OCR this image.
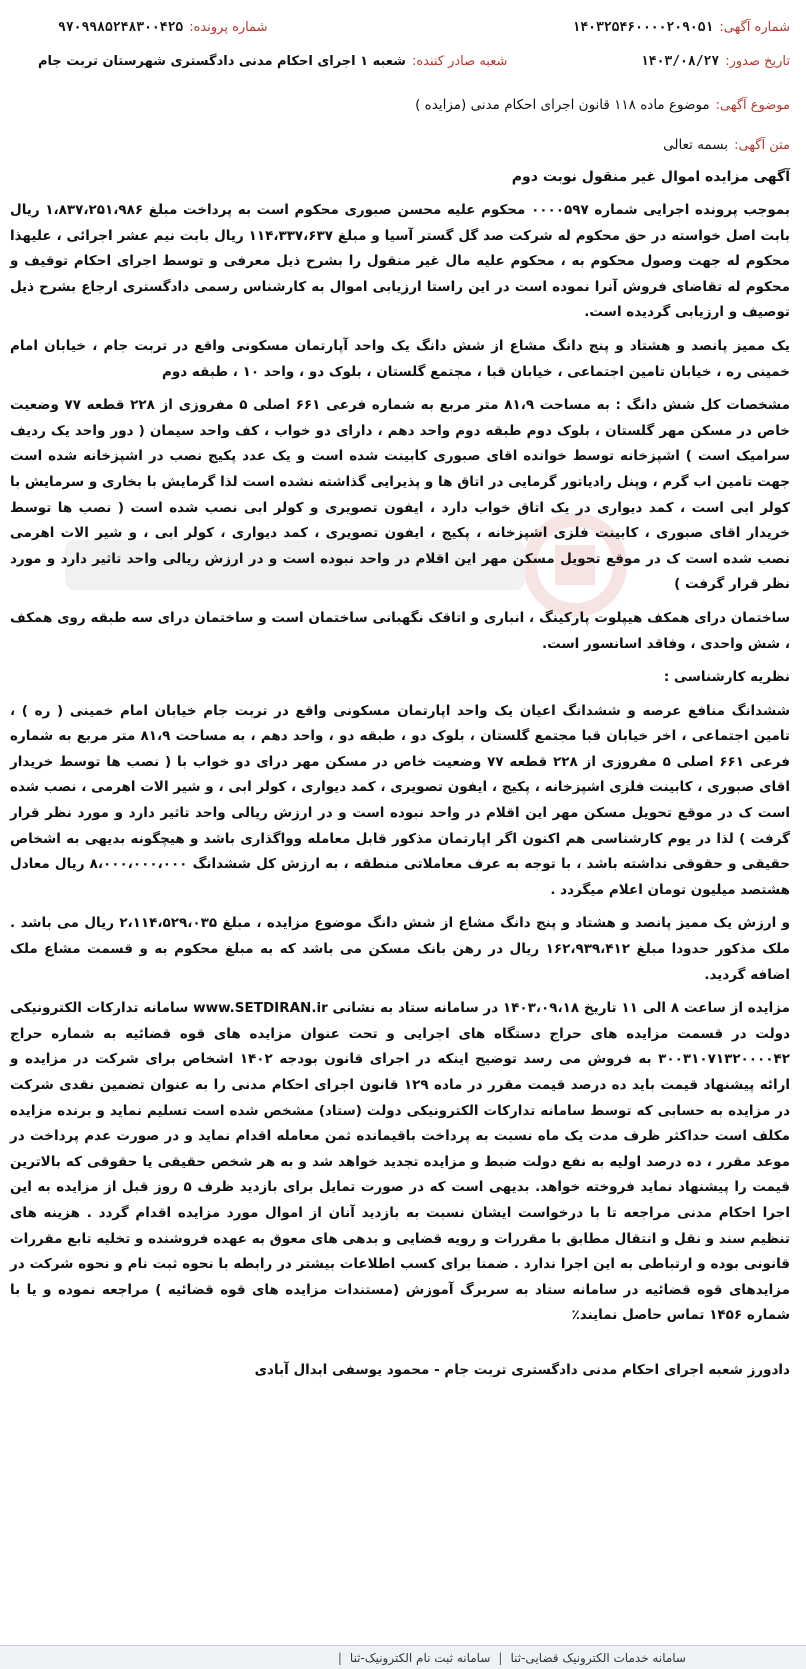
شماره آگهی:
۱۴۰۳۲۵۴۶۰۰۰۰۲۰۹۰۵۱
شماره پرونده:
۹۷۰۹۹۸۵۲۴۸۳۰۰۴۲۵
تاریخ صدور:
۱۴۰۳/۰۸/۲۷
شعبه صادر کننده:
شعبه ۱ اجرای احکام مدنی دادگستری شهرستان تربت جام
موضوع آگهی:
موضوع ماده ۱۱۸ قانون اجرای احکام مدنی (مزایده )
متن آگهی:
بسمه تعالی

آگهی مزایده اموال غیر منقول نوبت دوم

بموجب پرونده اجرایی شماره ۰۰۰۰۵۹۷ محکوم علیه محسن صبوری محکوم است به پرداخت مبلغ ۱،۸۳۷،۲۵۱،۹۸۶ ریال بابت اصل خواسته در حق محکوم له شرکت صد گل گستر آسیا و مبلغ ۱۱۴،۳۳۷،۶۳۷ ریال بابت نیم عشر اجرائی ، علیهذا محکوم له جهت وصول محکوم به ، محکوم علیه مال غیر منقول را بشرح ذیل معرفی و توسط اجرای احکام توقیف و محکوم له تقاضای فروش آنرا نموده است در این راستا ارزیابی اموال به کارشناس رسمی دادگستری ارجاع بشرح ذیل توصیف و ارزیابی گردیده است.

یک ممیز پانصد و هشتاد و پنج دانگ مشاع از شش دانگ یک واحد آپارتمان مسکونی واقع در تربت جام ، خیابان امام خمینی ره ، خیابان تامین اجتماعی ، خیابان قبا ، مجتمع گلستان ، بلوک دو ، واحد ۱۰ ، طبقه دوم

مشخصات کل شش دانگ : به مساحت ۸۱،۹ متر مربع به شماره فرعی ۶۶۱ اصلی ۵ مفروزی از ۲۲۸ قطعه ۷۷ وضعیت خاص در مسکن مهر گلستان ، بلوک دوم طبقه دوم واحد دهم ، دارای دو خواب ، کف واحد سیمان ( دور واحد یک ردیف سرامیک است ) اشپزخانه توسط خوانده اقای صبوری کابینت شده است و یک عدد پکیج نصب در اشپزخانه شده است جهت تامین اب گرم ، وپنل رادیاتور گرمایی در اتاق ها و پذیرایی گذاشته نشده است لذا گرمایش با بخاری و سرمایش با کولر ابی است ، کمد دیواری در یک اتاق خواب دارد ، ایفون تصویری و کولر ابی نصب شده است ( نصب ها توسط خریدار اقای صبوری ، کابینت فلزی اشپزخانه ، پکیج ، ایفون تصویری ، کمد دیواری ، کولر ابی ، و شیر الات اهرمی نصب شده است ک در موقع تحویل مسکن مهر این اقلام در واحد نبوده است و در ارزش ریالی واحد تاثیر دارد و مورد نظر قرار گرفت )

ساختمان درای همکف هیپلوت پارکینگ ، انباری و اتاقک نگهبانی ساختمان است و ساختمان درای سه طبقه روی همکف ، شش واحدی ، وفاقد اسانسور است.

نظریه کارشناسی :

ششدانگ منافع عرصه و ششدانگ اعیان یک واحد اپارتمان مسکونی واقع در تربت جام خیابان امام خمینی ( ره ) ، تامین اجتماعی ، اخر خیابان قبا مجتمع گلستان ، بلوک دو ، طبقه دو ، واحد دهم ، به مساحت ۸۱،۹ متر مربع به شماره فرعی ۶۶۱ اصلی ۵ مفروزی از ۲۲۸ قطعه ۷۷ وضعیت خاص در مسکن مهر درای دو خواب با ( نصب ها توسط خریدار اقای صبوری ، کابینت فلزی اشپزخانه ، پکیج ، ایفون تصویری ، کمد دیواری ، کولر ابی ، و شیر الات اهرمی ، نصب شده است ک در موقع تحویل مسکن مهر این اقلام در واحد نبوده است و در ارزش ریالی واحد تاثیر دارد و مورد نظر قرار گرفت ) لذا در یوم کارشناسی هم اکنون اگر اپارتمان مذکور قابل معامله وواگذاری باشد و هیچگونه بدیهی به اشخاص حقیقی و حقوقی نداشته باشد ، با توجه به عرف معاملاتی منطقه ، به ارزش کل ششدانگ ۸،۰۰۰،۰۰۰،۰۰۰ ریال معادل هشتصد میلیون تومان اعلام میگردد .

و ارزش یک ممیز پانصد و هشتاد و پنج دانگ مشاع از شش دانگ موضوع مزایده ، مبلغ ۲،۱۱۴،۵۲۹،۰۳۵ ریال می باشد . ملک مذکور حدودا مبلغ ۱۶۲،۹۳۹،۴۱۲ ریال در رهن بانک مسکن می باشد که به مبلغ محکوم به و قسمت مشاع ملک اضافه گردید.

مزایده از ساعت ۸ الی ۱۱ تاریخ ۱۴۰۳،۰۹،۱۸ در سامانه ستاد به نشانی www.SETDIRAN.ir سامانه تدارکات الکترونیکی دولت در قسمت مزایده های حراج دستگاه های اجرایی و تحت عنوان مزایده های قوه قضائیه به شماره حراج ۳۰۰۳۱۰۷۱۳۲۰۰۰۰۴۲ به فروش می رسد توضیح اینکه در اجرای قانون بودجه ۱۴۰۲ اشخاص برای شرکت در مزایده و ارائه پیشنهاد قیمت باید ده درصد قیمت مقرر در ماده ۱۲۹ قانون اجرای احکام مدنی را به عنوان تضمین نقدی شرکت در مزایده به حسابی که توسط سامانه تدارکات الکترونیکی دولت (ستاد) مشخص شده است تسلیم نماید و برنده مزایده مکلف است حداکثر ظرف مدت یک ماه نسبت به پرداخت باقیمانده ثمن معامله اقدام نماید و در صورت عدم پرداخت در موعد مقرر ، ده درصد اولیه به نفع دولت ضبط و مزایده تجدید خواهد شد و به هر شخص حقیقی یا حقوقی که بالاترین قیمت را پیشنهاد نماید فروخته خواهد. بدیهی است که در صورت تمایل برای بازدید ظرف ۵ روز قبل از مزایده به این اجرا احکام مدنی مراجعه تا با درخواست ایشان نسبت به بازدید آنان از اموال مورد مزایده اقدام گردد . هزینه های تنظیم سند و نقل و انتقال مطابق با مقررات و رویه قضایی و بدهی های معوق به عهده فروشنده و تخلیه تابع مقررات قانونی بوده و ارتباطی به این اجرا ندارد . ضمنا برای کسب اطلاعات بیشتر در رابطه با نحوه ثبت نام و نحوه شرکت در مزایدهای قوه قضائیه در سامانه ستاد به سربرگ آموزش (مستندات مزایده های قوه قضائیه ) مراجعه نموده و یا با شماره ۱۴۵۶ تماس حاصل نمایند٪

دادورز شعبه اجرای احکام مدنی دادگستری تربت جام - محمود یوسفی ابدال آبادی
سامانه خدمات الکترونیک قضایی-ثنا
|
سامانه ثبت نام الکترونیک-ثنا
|
